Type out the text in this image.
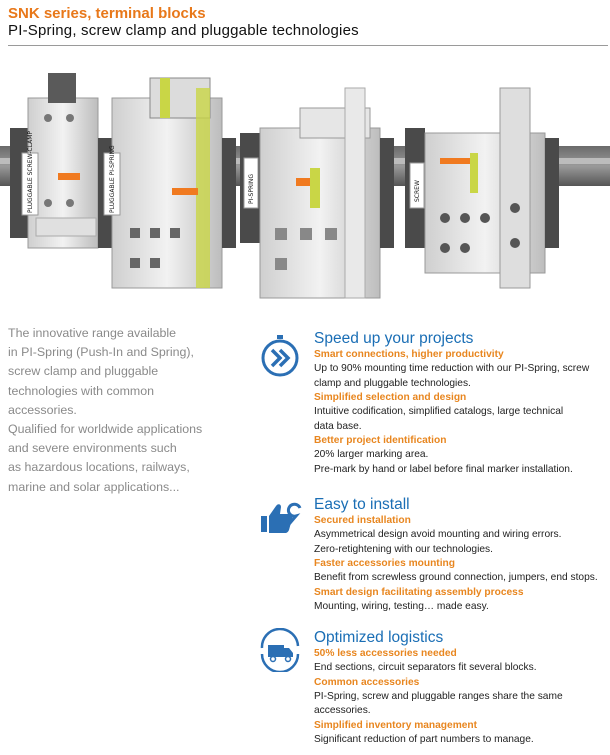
SNK series, terminal blocks
PI-Spring, screw clamp and pluggable technologies
PLUGGABLE SCREW-CLAMP	PLUGGABLE PI-SPRING	PI-SPRING	SCREW
The innovative range available
in PI-Spring (Push-In and Spring),
screw clamp and pluggable
technologies with common
accessories.
Qualified for worldwide applications
and severe environments such
as hazardous locations, railways,
marine and solar applications...
Speed up your projects
Smart connections, higher productivity
Up to 90% mounting time reduction with our PI-Spring, screw
clamp and pluggable technologies.
Simplified selection and design
Intuitive codification, simplified catalogs, large technical
data base.
Better project identification
20% larger marking area.
Pre-mark by hand or label before final marker installation.
Easy to install
Secured installation
Asymmetrical design avoid mounting and wiring errors.
Zero-retightening with our technologies.
Faster accessories mounting
Benefit from screwless ground connection, jumpers, end stops.
Smart design facilitating assembly process
Mounting, wiring, testing… made easy.
Optimized logistics
50% less accessories needed
End sections, circuit separators fit several blocks.
Common accessories
PI-Spring, screw and pluggable ranges share the same
accessories.
Simplified inventory management
Significant reduction of part numbers to manage.
